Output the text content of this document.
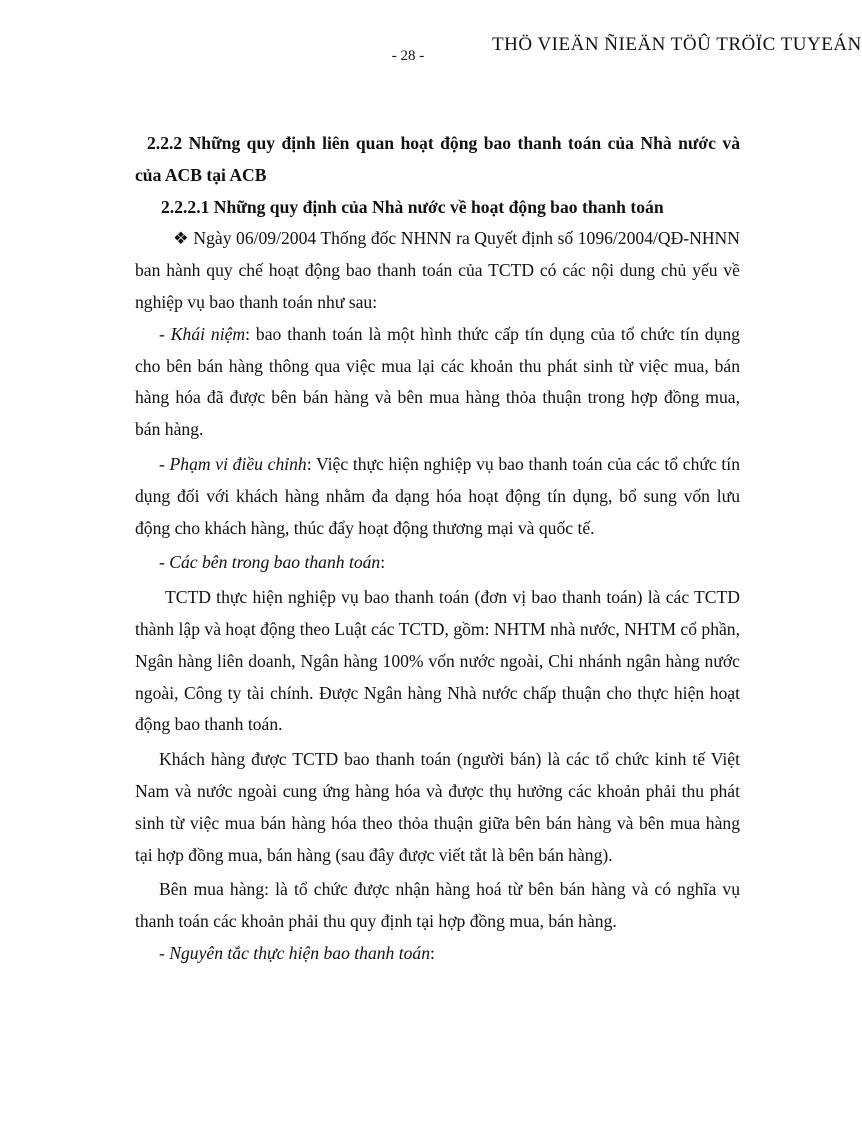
- 28 -
THÖ VIEÄN ÑIEÄN TÖÛ TRÖÏC TUYEÁN

2.2.2 Những quy định liên quan hoạt động bao thanh toán của Nhà nước và của ACB tại ACB

2.2.2.1 Những quy định của Nhà nước về hoạt động bao thanh toán

❖ Ngày 06/09/2004 Thống đốc NHNN ra Quyết định số 1096/2004/QĐ-NHNN ban hành quy chế hoạt động bao thanh toán của TCTD có các nội dung chủ yếu về nghiệp vụ bao thanh toán như sau:

- Khái niệm: bao thanh toán là một hình thức cấp tín dụng của tổ chức tín dụng cho bên bán hàng thông qua việc mua lại các khoản thu phát sinh từ việc mua, bán hàng hóa đã được bên bán hàng và bên mua hàng thỏa thuận trong hợp đồng mua, bán hàng.

- Phạm vi điều chỉnh: Việc thực hiện nghiệp vụ bao thanh toán của các tổ chức tín dụng đối với khách hàng nhằm đa dạng hóa hoạt động tín dụng, bổ sung vốn lưu động cho khách hàng, thúc đẩy hoạt động thương mại và quốc tế.

- Các bên trong bao thanh toán:

TCTD thực hiện nghiệp vụ bao thanh toán (đơn vị bao thanh toán) là các TCTD thành lập và hoạt động theo Luật các TCTD, gồm: NHTM nhà nước, NHTM cổ phần, Ngân hàng liên doanh, Ngân hàng 100% vốn nước ngoài, Chi nhánh ngân hàng nước ngoài, Công ty tài chính. Được Ngân hàng Nhà nước chấp thuận cho thực hiện hoạt động bao thanh toán.

Khách hàng được TCTD bao thanh toán (người bán) là các tổ chức kinh tế Việt Nam và nước ngoài cung ứng hàng hóa và được thụ hưởng các khoản phải thu phát sinh từ việc mua bán hàng hóa theo thỏa thuận giữa bên bán hàng và bên mua hàng tại hợp đồng mua, bán hàng (sau đây được viết tắt là bên bán hàng).

Bên mua hàng: là tổ chức được nhận hàng hoá từ bên bán hàng và có nghĩa vụ thanh toán các khoản phải thu quy định tại hợp đồng mua, bán hàng.

- Nguyên tắc thực hiện bao thanh toán:
